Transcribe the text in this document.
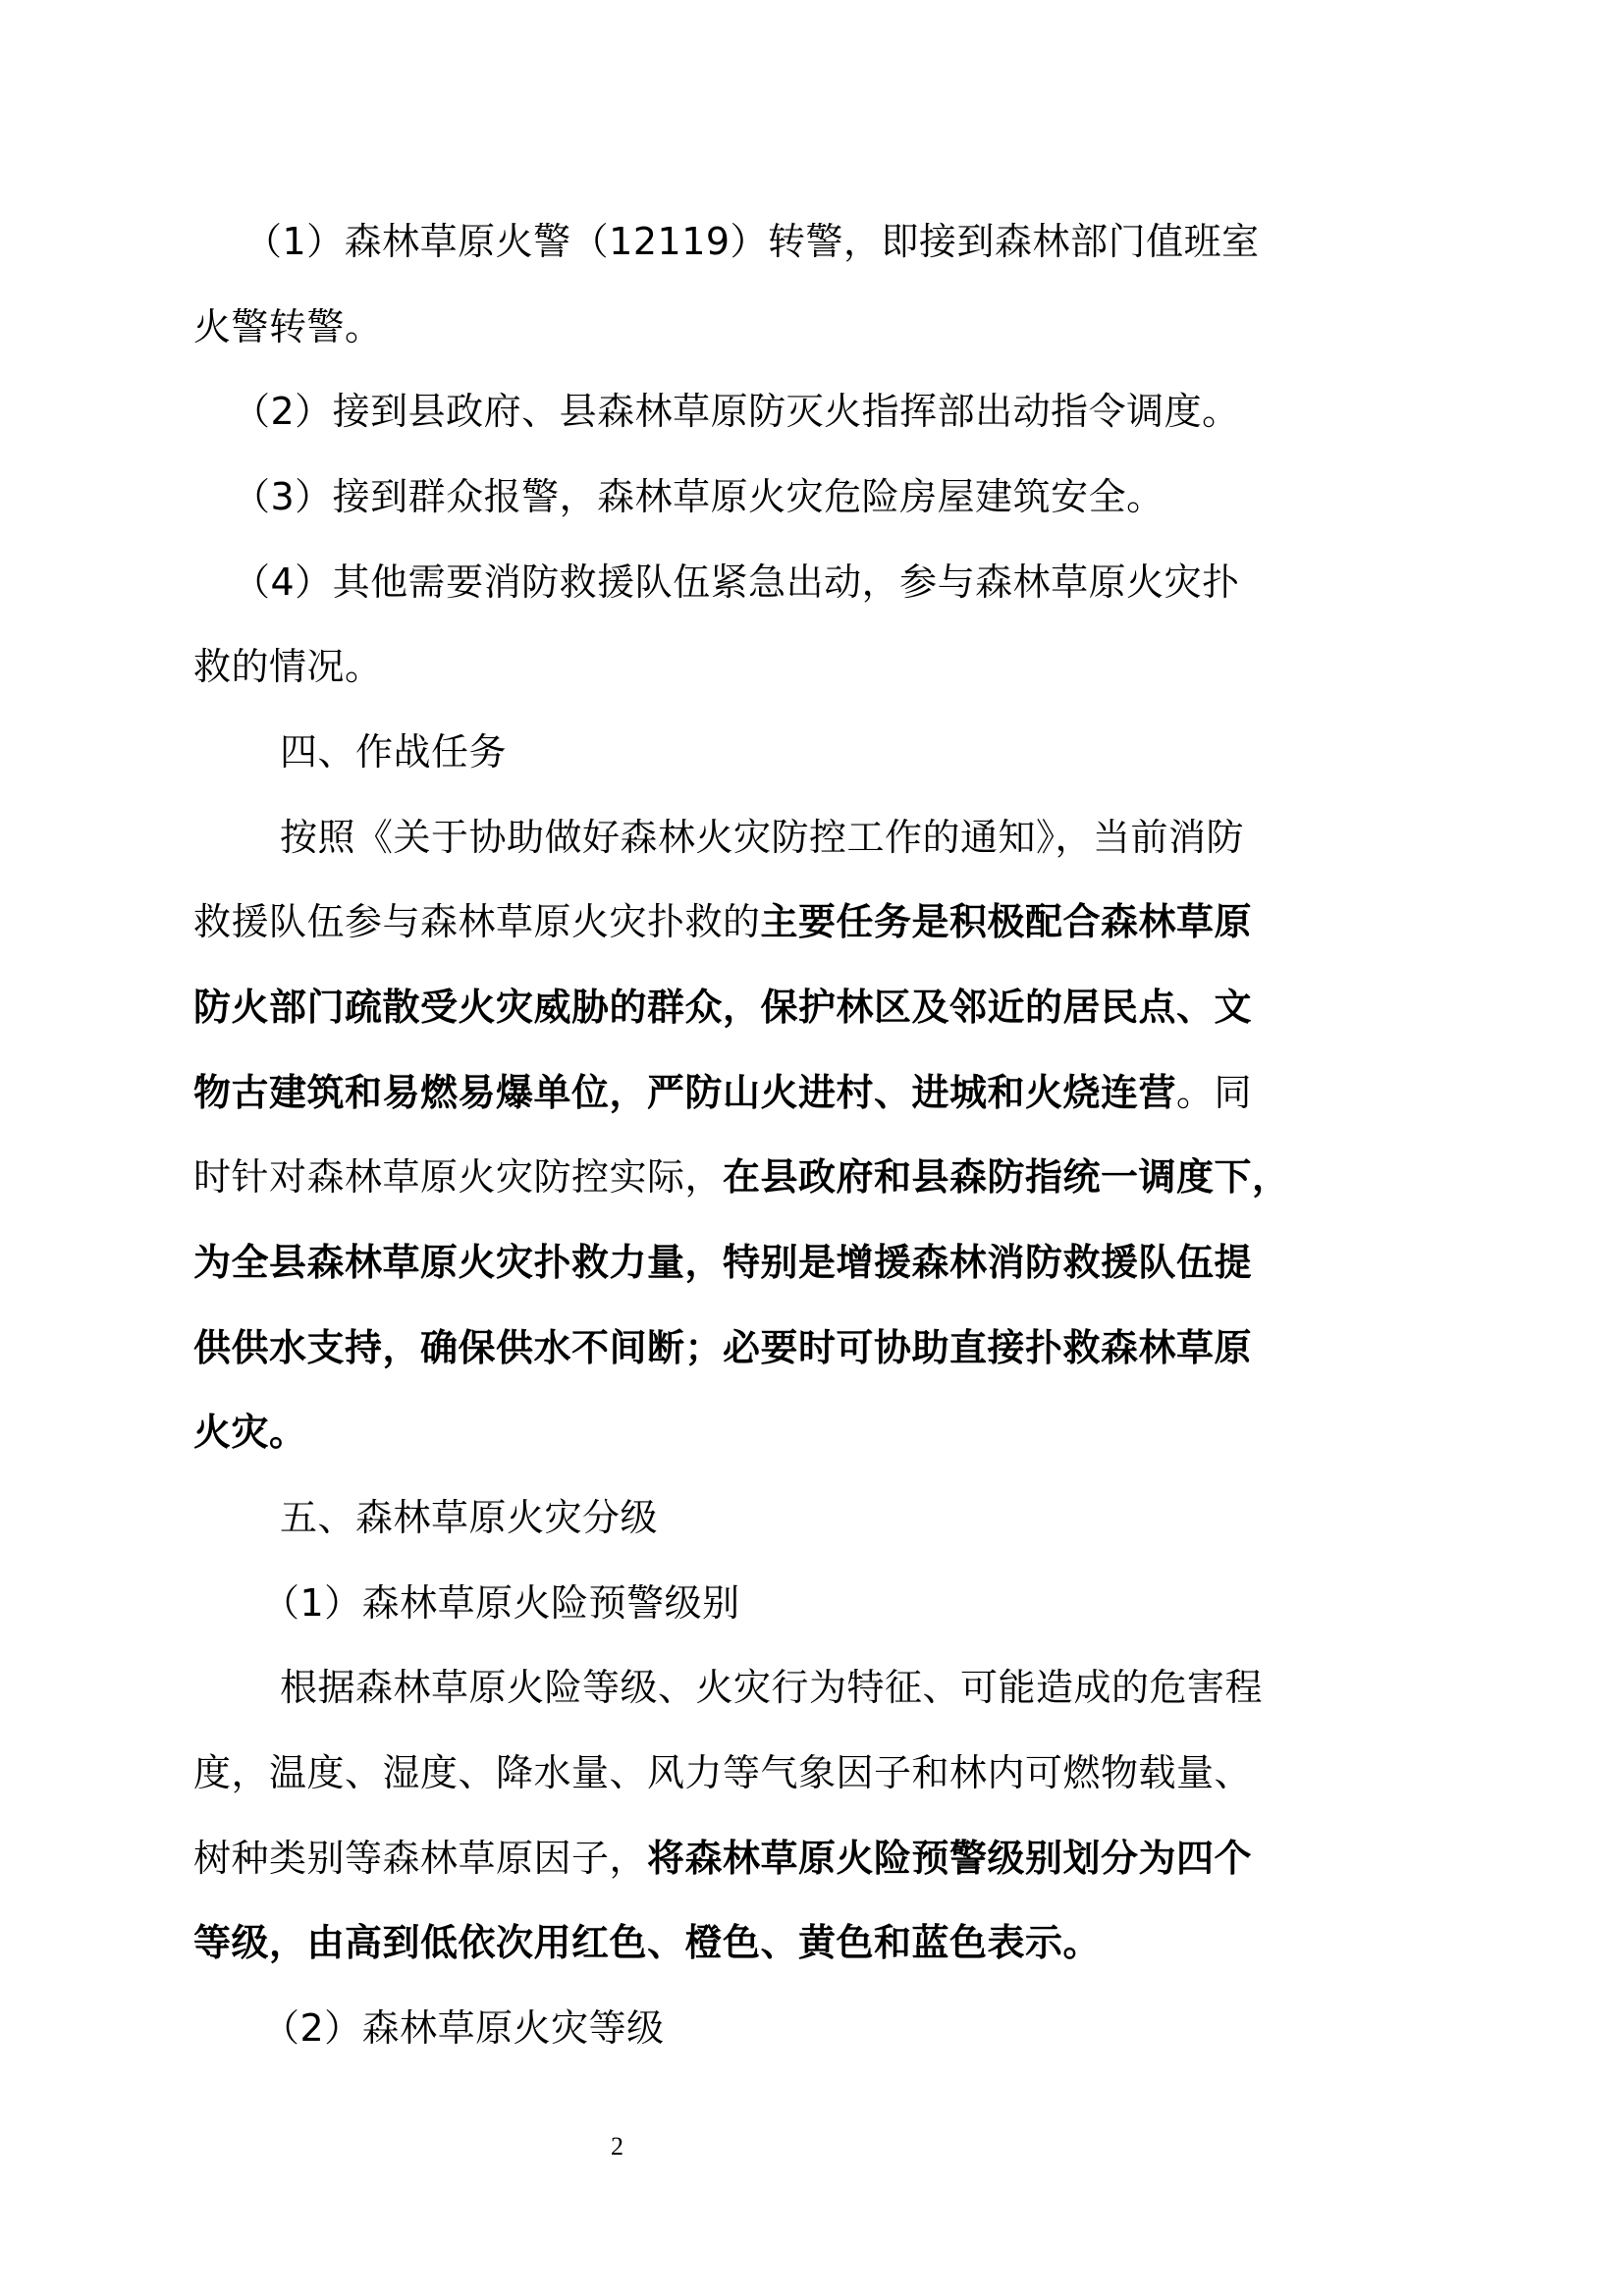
（1）森林草原火警（12119）转警，即接到森林部门值班室
火警转警。
（2）接到县政府、县森林草原防灭火指挥部出动指令调度。
（3）接到群众报警，森林草原火灾危险房屋建筑安全。
（4）其他需要消防救援队伍紧急出动，参与森林草原火灾扑
救的情况。
四、作战任务
按照《关于协助做好森林火灾防控工作的通知》，当前消防
救援队伍参与森林草原火灾扑救的主要任务是积极配合森林草原
防火部门疏散受火灾威胁的群众，保护林区及邻近的居民点、文
物古建筑和易燃易爆单位，严防山火进村、进城和火烧连营。同
时针对森林草原火灾防控实际，在县政府和县森防指统一调度下，
为全县森林草原火灾扑救力量，特别是增援森林消防救援队伍提
供供水支持，确保供水不间断；必要时可协助直接扑救森林草原
火灾。
五、森林草原火灾分级
（1）森林草原火险预警级别
根据森林草原火险等级、火灾行为特征、可能造成的危害程
度，温度、湿度、降水量、风力等气象因子和林内可燃物载量、
树种类别等森林草原因子，将森林草原火险预警级别划分为四个
等级，由高到低依次用红色、橙色、黄色和蓝色表示。
（2）森林草原火灾等级
2
